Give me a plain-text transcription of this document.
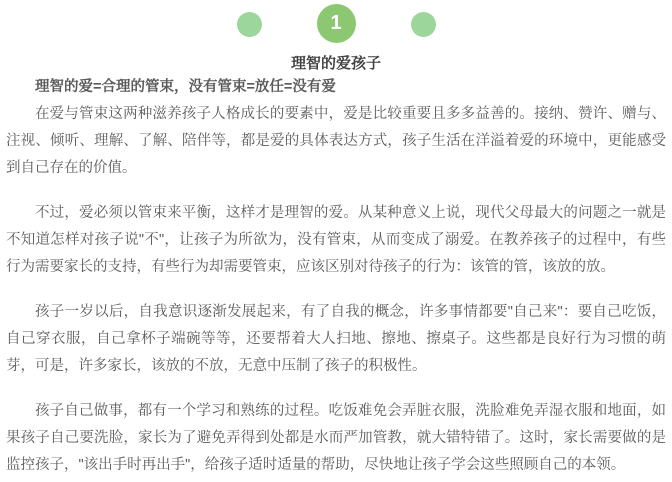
1
理智的爱孩子

理智的爱=合理的管束，没有管束=放任=没有爱

在爱与管束这两种滋养孩子人格成长的要素中，爱是比较重要且多多益善的。接纳、赞许、赠与、注视、倾听、理解、了解、陪伴等，都是爱的具体表达方式，孩子生活在洋溢着爱的环境中，更能感受到自己存在的价值。

不过，爱必须以管束来平衡，这样才是理智的爱。从某种意义上说，现代父母最大的问题之一就是不知道怎样对孩子说"不"，让孩子为所欲为，没有管束，从而变成了溺爱。在教养孩子的过程中，有些行为需要家长的支持，有些行为却需要管束，应该区别对待孩子的行为：该管的管，该放的放。

孩子一岁以后，自我意识逐渐发展起来，有了自我的概念，许多事情都要"自己来"：要自己吃饭，自己穿衣服，自己拿杯子端碗等等，还要帮着大人扫地、擦地、擦桌子。这些都是良好行为习惯的萌芽，可是，许多家长，该放的不放，无意中压制了孩子的积极性。

孩子自己做事，都有一个学习和熟练的过程。吃饭难免会弄脏衣服，洗脸难免弄湿衣服和地面，如果孩子自己要洗脸，家长为了避免弄得到处都是水而严加管教，就大错特错了。这时，家长需要做的是监控孩子，"该出手时再出手"，给孩子适时适量的帮助，尽快地让孩子学会这些照顾自己的本领。
